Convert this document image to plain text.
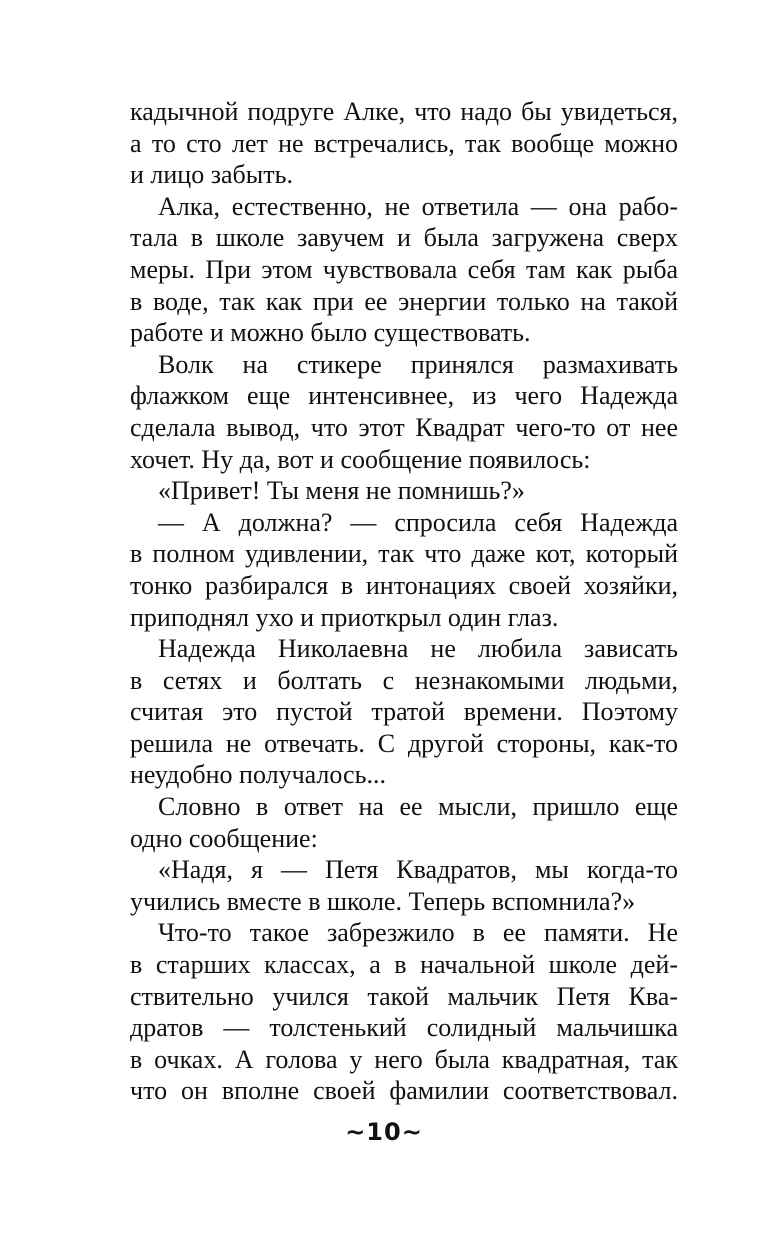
кадычной подруге Алке, что надо бы увидеться,
а то сто лет не встречались, так вообще можно
и лицо забыть.
Алка, естественно, не ответила — она рабо-
тала в школе завучем и была загружена сверх
меры. При этом чувствовала себя там как рыба
в воде, так как при ее энергии только на такой
работе и можно было существовать.
Волк на стикере принялся размахивать
флажком еще интенсивнее, из чего Надежда
сделала вывод, что этот Квадрат чего-то от нее
хочет. Ну да, вот и сообщение появилось:
«Привет! Ты меня не помнишь?»
— А должна? — спросила себя Надежда
в полном удивлении, так что даже кот, который
тонко разбирался в интонациях своей хозяйки,
приподнял ухо и приоткрыл один глаз.
Надежда Николаевна не любила зависать
в сетях и болтать с незнакомыми людьми,
считая это пустой тратой времени. Поэтому
решила не отвечать. С другой стороны, как-то
неудобно получалось...
Словно в ответ на ее мысли, пришло еще
одно сообщение:
«Надя, я — Петя Квадратов, мы когда-то
учились вместе в школе. Теперь вспомнила?»
Что-то такое забрезжило в ее памяти. Не
в старших классах, а в начальной школе дей-
ствительно учился такой мальчик Петя Ква-
дратов — толстенький солидный мальчишка
в очках. А голова у него была квадратная, так
что он вполне своей фамилии соответствовал.
~10~
